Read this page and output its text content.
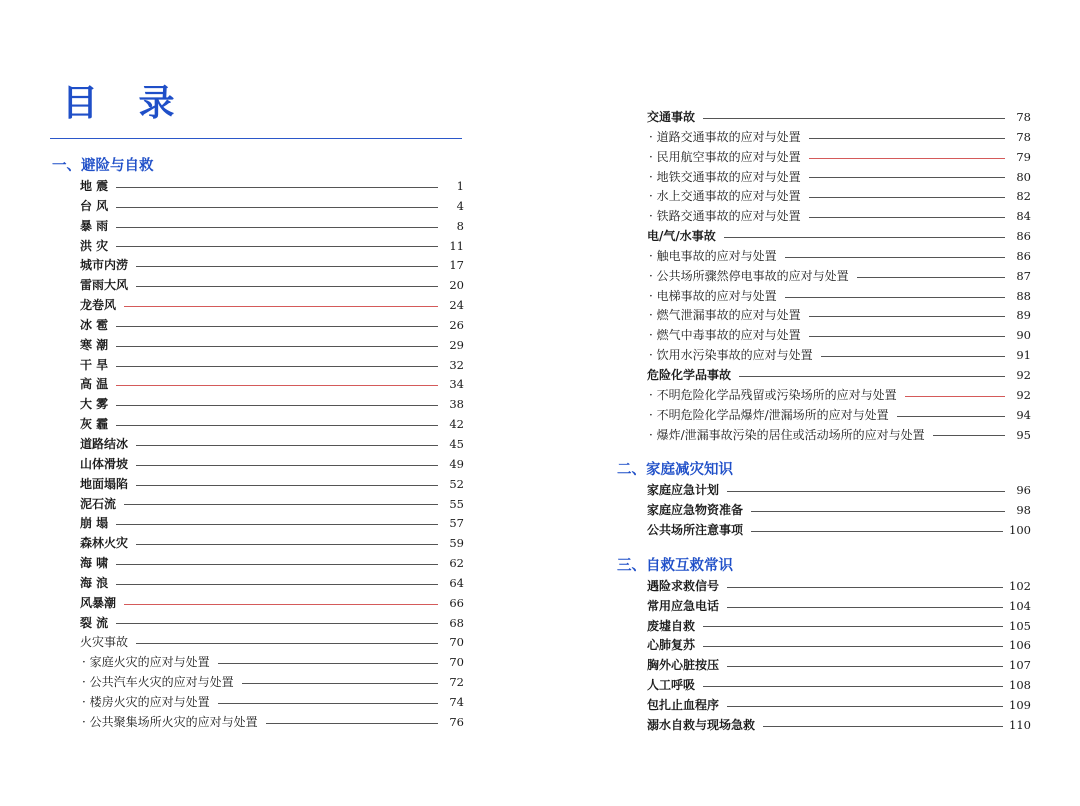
目 录
一、避险与自救
地 震	1
台 风	4
暴 雨	8
洪 灾	11
城市内涝	17
雷雨大风	20
龙卷风	24
冰 雹	26
寒 潮	29
干 旱	32
高 温	34
大 雾	38
灰 霾	42
道路结冰	45
山体滑坡	49
地面塌陷	52
泥石流	55
崩 塌	57
森林火灾	59
海 啸	62
海 浪	64
风暴潮	66
裂 流	68
火灾事故	70
· 家庭火灾的应对与处置	70
· 公共汽车火灾的应对与处置	72
· 楼房火灾的应对与处置	74
· 公共聚集场所火灾的应对与处置	76
交通事故	78
· 道路交通事故的应对与处置	78
· 民用航空事故的应对与处置	79
· 地铁交通事故的应对与处置	80
· 水上交通事故的应对与处置	82
· 铁路交通事故的应对与处置	84
电/气/水事故	86
· 触电事故的应对与处置	86
· 公共场所骤然停电事故的应对与处置	87
· 电梯事故的应对与处置	88
· 燃气泄漏事故的应对与处置	89
· 燃气中毒事故的应对与处置	90
· 饮用水污染事故的应对与处置	91
危险化学品事故	92
· 不明危险化学品残留或污染场所的应对与处置	92
· 不明危险化学品爆炸/泄漏场所的应对与处置	94
· 爆炸/泄漏事故污染的居住或活动场所的应对与处置	95
二、家庭减灾知识
家庭应急计划	96
家庭应急物资准备	98
公共场所注意事项	100
三、自救互救常识
遇险求救信号	102
常用应急电话	104
废墟自救	105
心肺复苏	106
胸外心脏按压	107
人工呼吸	108
包扎止血程序	109
溺水自救与现场急救	110
